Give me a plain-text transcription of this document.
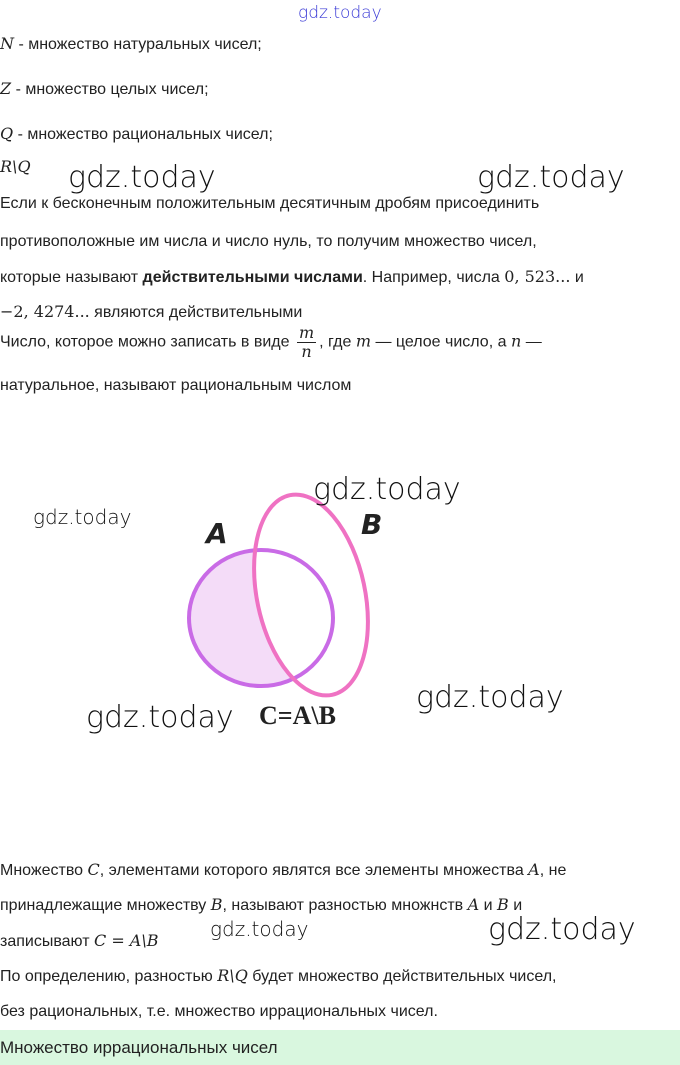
gdz.today
N - множество натуральных чисел;
Z - множество целых чисел;
Q - множество рациональных чисел;
R\Q gdz.today	gdz.today
Если к бесконечным положительным десятичным дробям присоединить
противоположные им числа и число нуль, то получим множество чисел,
которые называют действительными числами. Например, числа 0, 523... и
−2, 4274... являются действительными
Число, которое можно записать в виде $\frac{m}{n}$ , где m — целое число, а n —
натуральное, называют рациональным числом
A	B
C=A\B
gdz.today
gdz.today
gdz.today
gdz.today
Множество C, элементами которого являтся все элементы множества A, не
принадлежащие множеству B, называют разностью множнств A и B и
записывают C = A\B	gdz.today	gdz.today
По определению, разностью R\Q будет множество действительных чисел,
без рациональных, т.е. множество иррациональных чисел.
Множество иррациональных чисел
